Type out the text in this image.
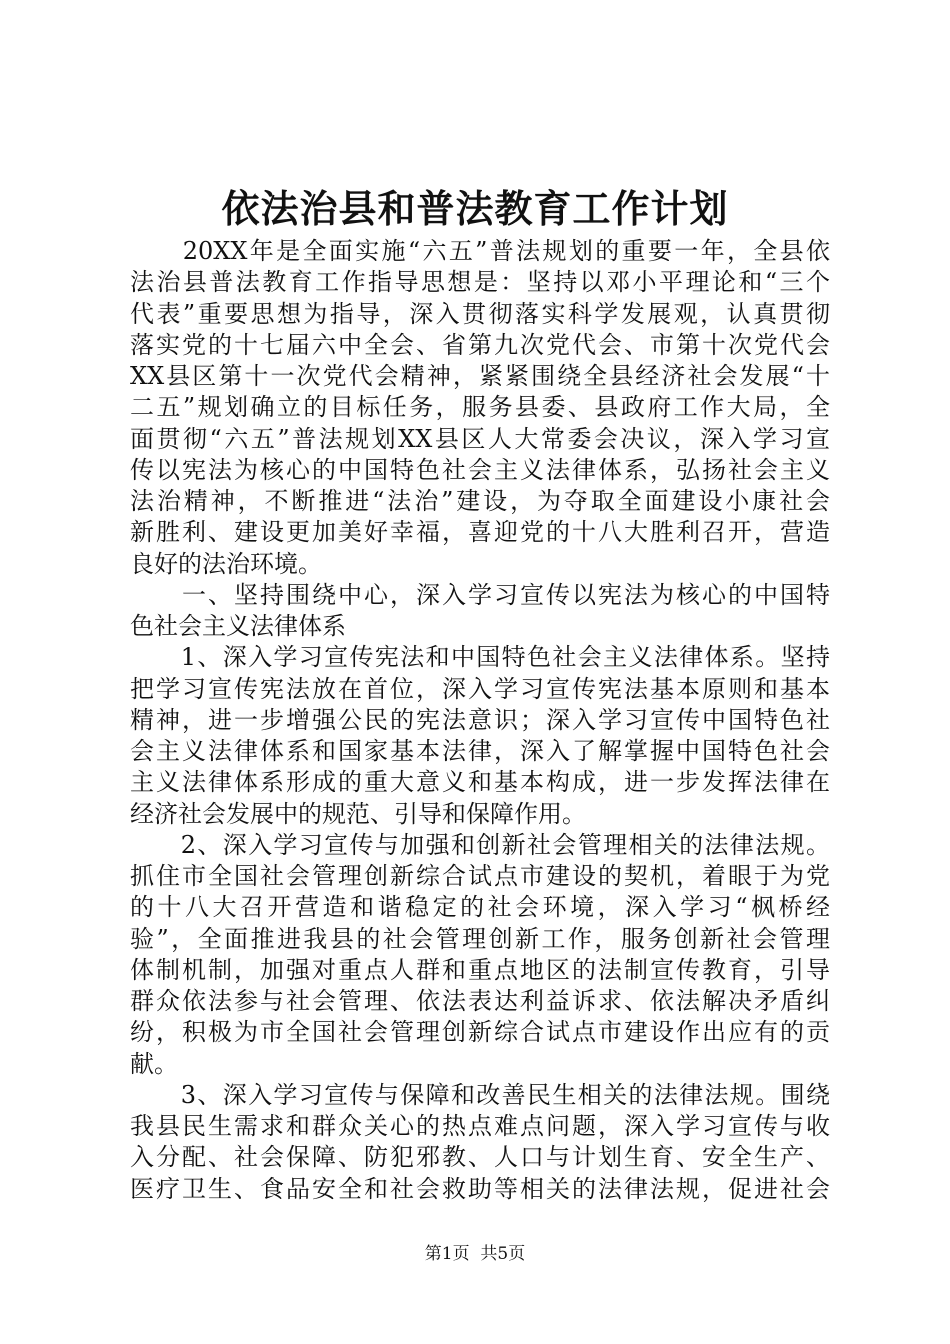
依法治县和普法教育工作计划
　　20XX年是全面实施“六五”普法规划的重要一年，全县依
法治县普法教育工作指导思想是：坚持以邓小平理论和“三个
代表”重要思想为指导，深入贯彻落实科学发展观，认真贯彻
落实党的十七届六中全会、省第九次党代会、市第十次党代会
XX县区第十一次党代会精神，紧紧围绕全县经济社会发展“十
二五”规划确立的目标任务，服务县委、县政府工作大局，全
面贯彻“六五”普法规划XX县区人大常委会决议，深入学习宣
传以宪法为核心的中国特色社会主义法律体系，弘扬社会主义
法治精神，不断推进“法治”建设，为夺取全面建设小康社会
新胜利、建设更加美好幸福，喜迎党的十八大胜利召开，营造
良好的法治环境。
　　一、坚持围绕中心，深入学习宣传以宪法为核心的中国特
色社会主义法律体系
　　1、深入学习宣传宪法和中国特色社会主义法律体系。坚持
把学习宣传宪法放在首位，深入学习宣传宪法基本原则和基本
精神，进一步增强公民的宪法意识；深入学习宣传中国特色社
会主义法律体系和国家基本法律，深入了解掌握中国特色社会
主义法律体系形成的重大意义和基本构成，进一步发挥法律在
经济社会发展中的规范、引导和保障作用。
　　2、深入学习宣传与加强和创新社会管理相关的法律法规。
抓住市全国社会管理创新综合试点市建设的契机，着眼于为党
的十八大召开营造和谐稳定的社会环境，深入学习“枫桥经
验”，全面推进我县的社会管理创新工作，服务创新社会管理
体制机制，加强对重点人群和重点地区的法制宣传教育，引导
群众依法参与社会管理、依法表达利益诉求、依法解决矛盾纠
纷，积极为市全国社会管理创新综合试点市建设作出应有的贡
献。
　　3、深入学习宣传与保障和改善民生相关的法律法规。围绕
我县民生需求和群众关心的热点难点问题，深入学习宣传与收
入分配、社会保障、防犯邪教、人口与计划生育、安全生产、
医疗卫生、食品安全和社会救助等相关的法律法规，促进社会
第1页 共5页
